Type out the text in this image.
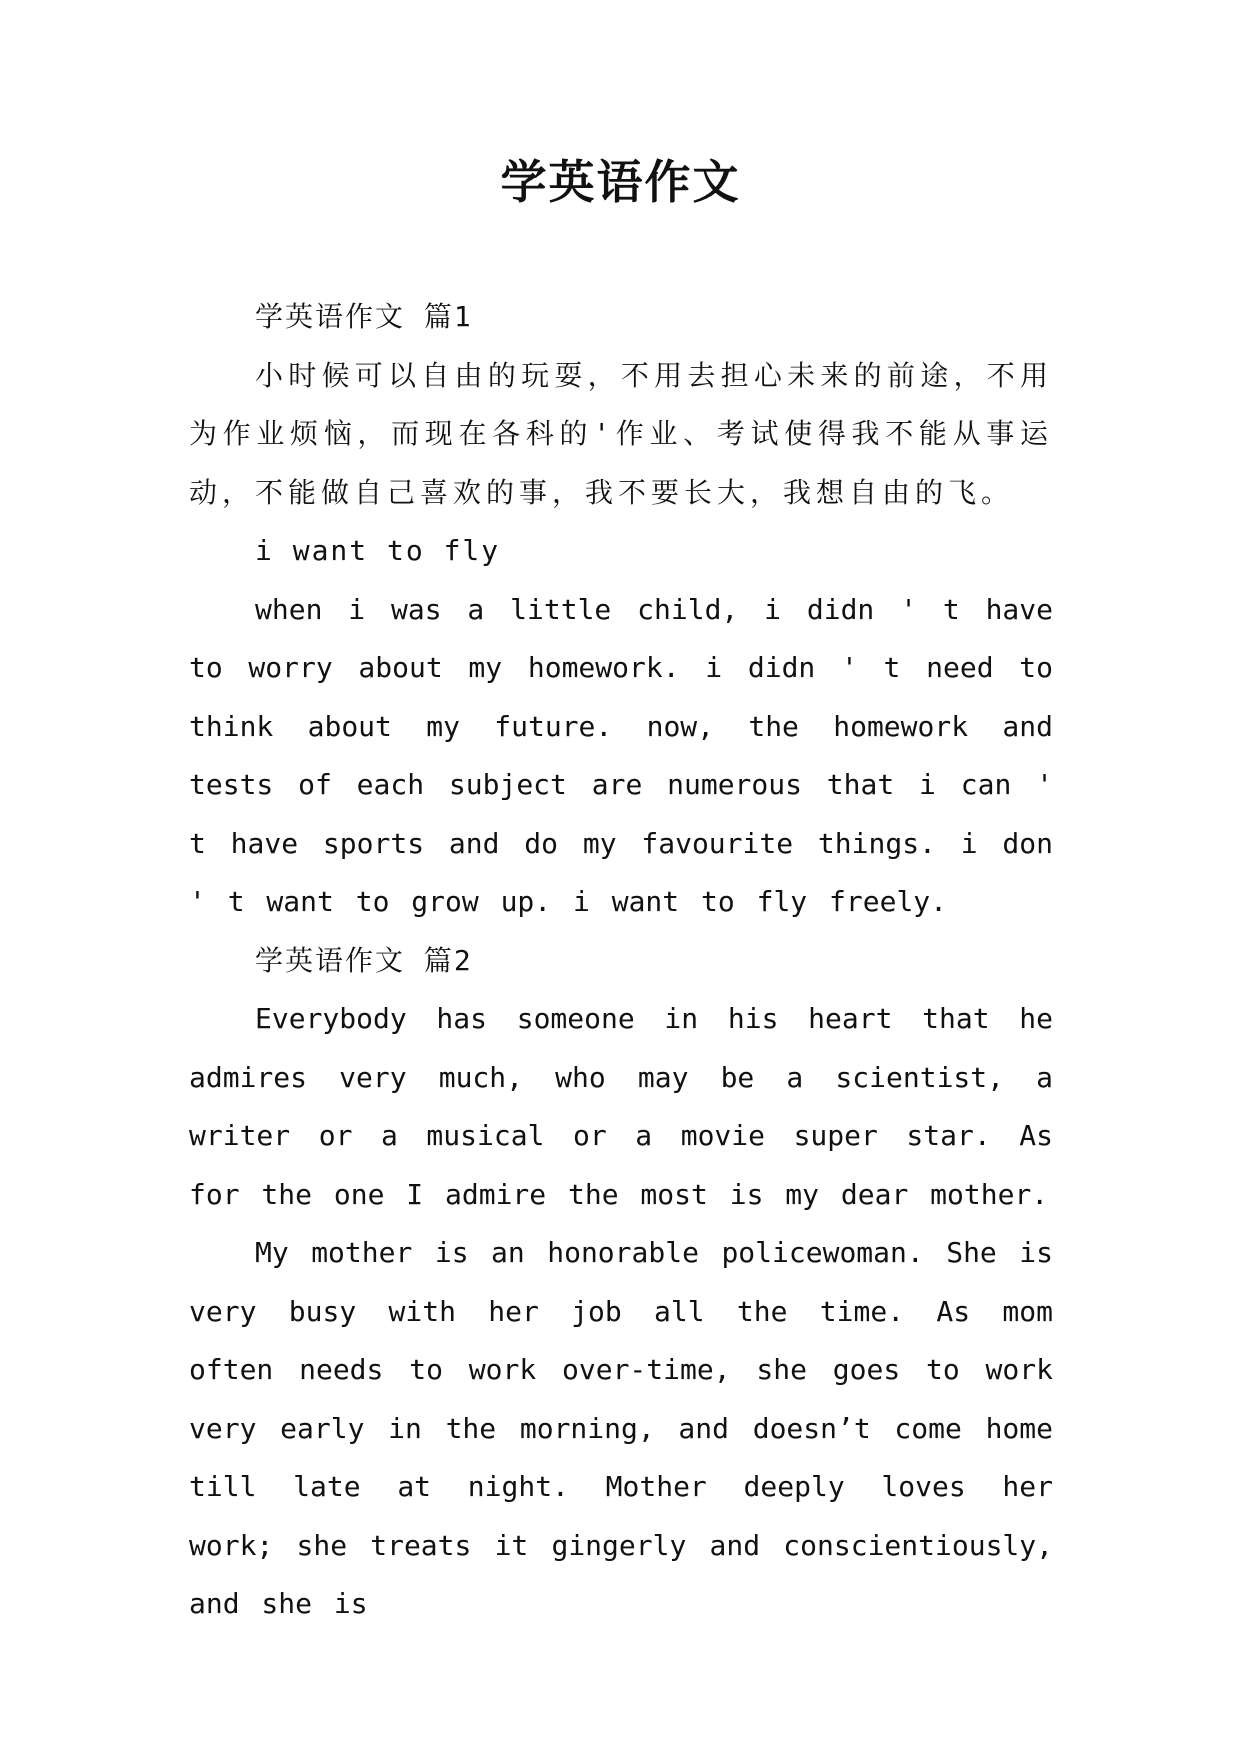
学英语作文

学英语作文 篇1

小时候可以自由的玩耍，不用去担心未来的前途，不用为作业烦恼，而现在各科的'作业、考试使得我不能从事运动，不能做自己喜欢的事，我不要长大，我想自由的飞。

i want to fly

when i was a little child, i didn ' t have to worry about my homework. i didn ' t need to think about my future. now, the homework and tests of each subject are numerous that i can ' t have sports and do my favourite things. i don ' t want to grow up. i want to fly freely.

学英语作文 篇2

Everybody has someone in his heart that he admires very much, who may be a scientist, a writer or a musical or a movie super star. As for the one I admire the most is my dear mother.

My mother is an honorable policewoman. She is very busy with her job all the time. As mom often needs to work over-time, she goes to work very early in the morning, and doesn’t come home till late at night. Mother deeply loves her work; she treats it gingerly and conscientiously, and she is
